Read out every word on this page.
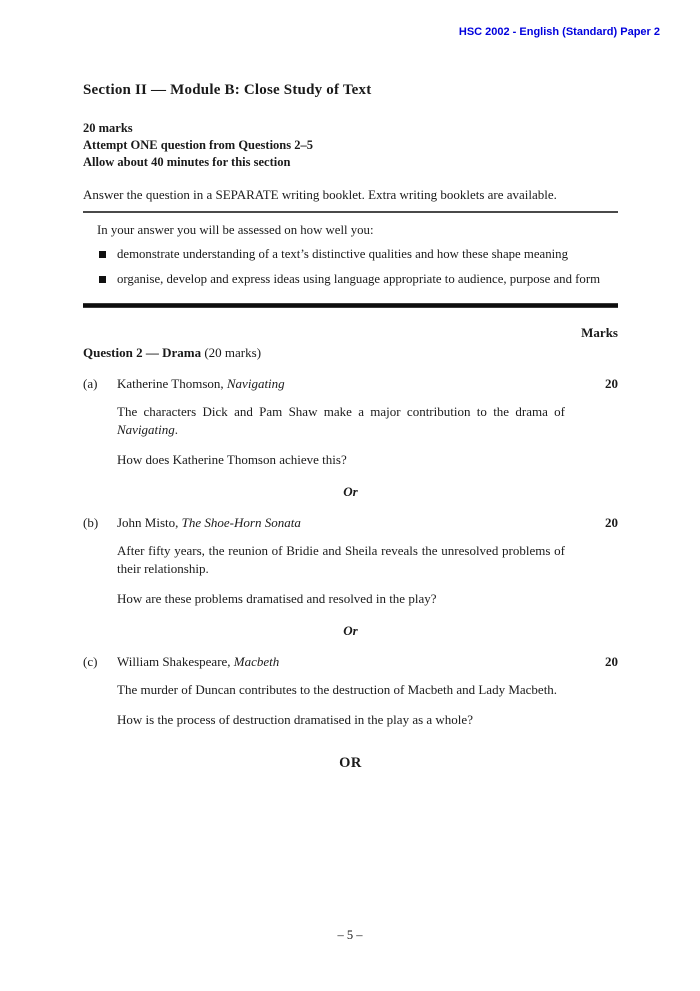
HSC 2002 - English (Standard) Paper 2
Section II — Module B: Close Study of Text
20 marks
Attempt ONE question from Questions 2–5
Allow about 40 minutes for this section
Answer the question in a SEPARATE writing booklet. Extra writing booklets are available.

In your answer you will be assessed on how well you:

demonstrate understanding of a text’s distinctive qualities and how these shape meaning
organise, develop and express ideas using language appropriate to audience, purpose and form
Marks
Question 2 — Drama (20 marks)
(a)	Katherine Thomson, Navigating	20

The characters Dick and Pam Shaw make a major contribution to the drama of Navigating.

How does Katherine Thomson achieve this?

Or
(b)	John Misto, The Shoe-Horn Sonata	20

After fifty years, the reunion of Bridie and Sheila reveals the unresolved problems of their relationship.

How are these problems dramatised and resolved in the play?

Or
(c)	William Shakespeare, Macbeth	20

The murder of Duncan contributes to the destruction of Macbeth and Lady Macbeth.

How is the process of destruction dramatised in the play as a whole?

OR
– 5 –
